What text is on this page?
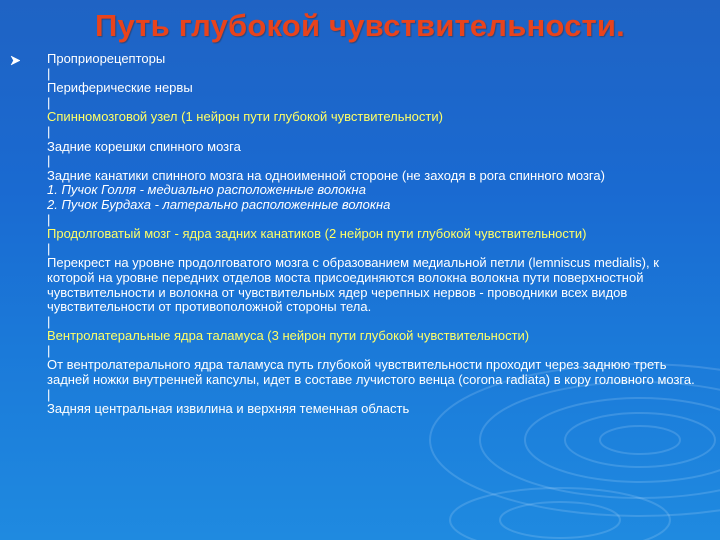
Путь глубокой чувствительности.

Проприорецепторы

|

Периферические нервы

|

Спинномозговой узел (1 нейрон пути глубокой чувствительности)

|

Задние корешки спинного мозга

|

Задние канатики спинного мозга на одноименной стороне (не заходя в рога спинного мозга)

1. Пучок Голля - медиально расположенные волокна

2. Пучок Бурдаха - латерально расположенные волокна

|

Продолговатый мозг - ядра задних канатиков (2 нейрон пути глубокой чувствительности)

|

Перекрест на уровне продолговатого мозга с образованием медиальной петли (lemniscus medialis), к которой на уровне передних отделов моста присоединяются волокна волокна пути поверхностной чувствительности и волокна от чувствительных ядер черепных нервов - проводники всех видов чувствительности от противоположной стороны тела.

|

Вентролатеральные ядра таламуса (3 нейрон пути глубокой чувствительности)

|

От вентролатерального ядра таламуса путь глубокой чувствительности проходит через заднюю треть задней ножки внутренней капсулы, идет в составе лучистого венца (corona radiata) в кору головного мозга.

|

Задняя центральная извилина и верхняя теменная область
